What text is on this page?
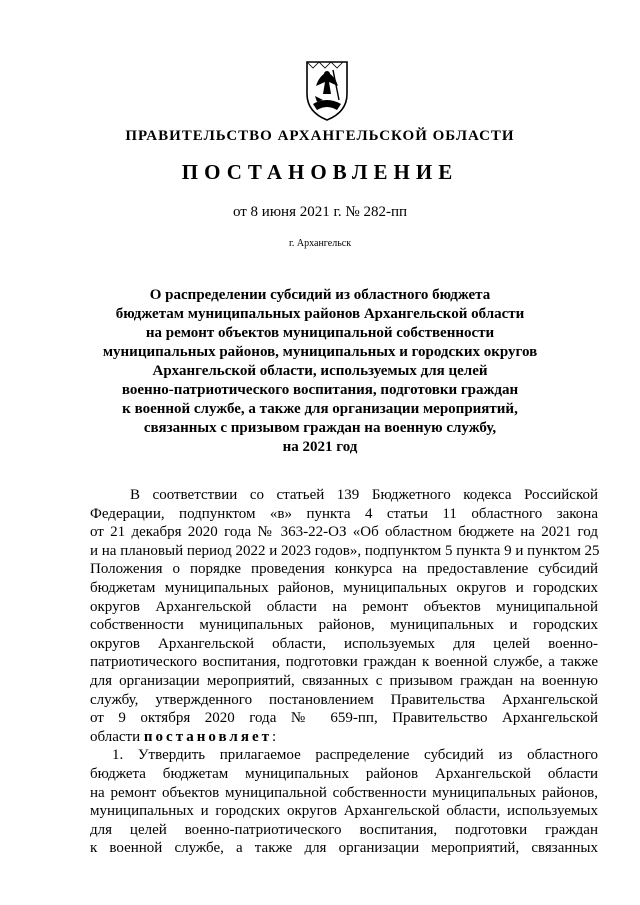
ПРАВИТЕЛЬСТВО АРХАНГЕЛЬСКОЙ ОБЛАСТИ
ПОСТАНОВЛЕНИЕ
от 8 июня 2021 г. № 282-пп
г. Архангельск
О распределении субсидий из областного бюджета
бюджетам муниципальных районов Архангельской области
на ремонт объектов муниципальной собственности
муниципальных районов, муниципальных и городских округов
Архангельской области, используемых для целей
военно-патриотического воспитания, подготовки граждан
к военной службе, а также для организации мероприятий,
связанных с призывом граждан на военную службу,
на 2021 год
В соответствии со статьей 139 Бюджетного кодекса Российской
Федерации, подпунктом «в» пункта 4 статьи 11 областного закона
от 21 декабря 2020 года № 363-22-ОЗ «Об областном бюджете на 2021 год
и на плановый период 2022 и 2023 годов», подпунктом 5 пункта 9 и пунктом 25
Положения о порядке проведения конкурса на предоставление субсидий
бюджетам муниципальных районов, муниципальных округов и городских
округов Архангельской области на ремонт объектов муниципальной
собственности муниципальных районов, муниципальных и городских
округов Архангельской области, используемых для целей военно-
патриотического воспитания, подготовки граждан к военной службе, а также
для организации мероприятий, связанных с призывом граждан на военную
службу, утвержденного постановлением Правительства Архангельской
от 9 октября 2020 года № 659-пп, Правительство Архангельской
области постановляет:
1. Утвердить прилагаемое распределение субсидий из областного
бюджета бюджетам муниципальных районов Архангельской области
на ремонт объектов муниципальной собственности муниципальных районов,
муниципальных и городских округов Архангельской области, используемых
для целей военно-патриотического воспитания, подготовки граждан
к военной службе, а также для организации мероприятий, связанных
